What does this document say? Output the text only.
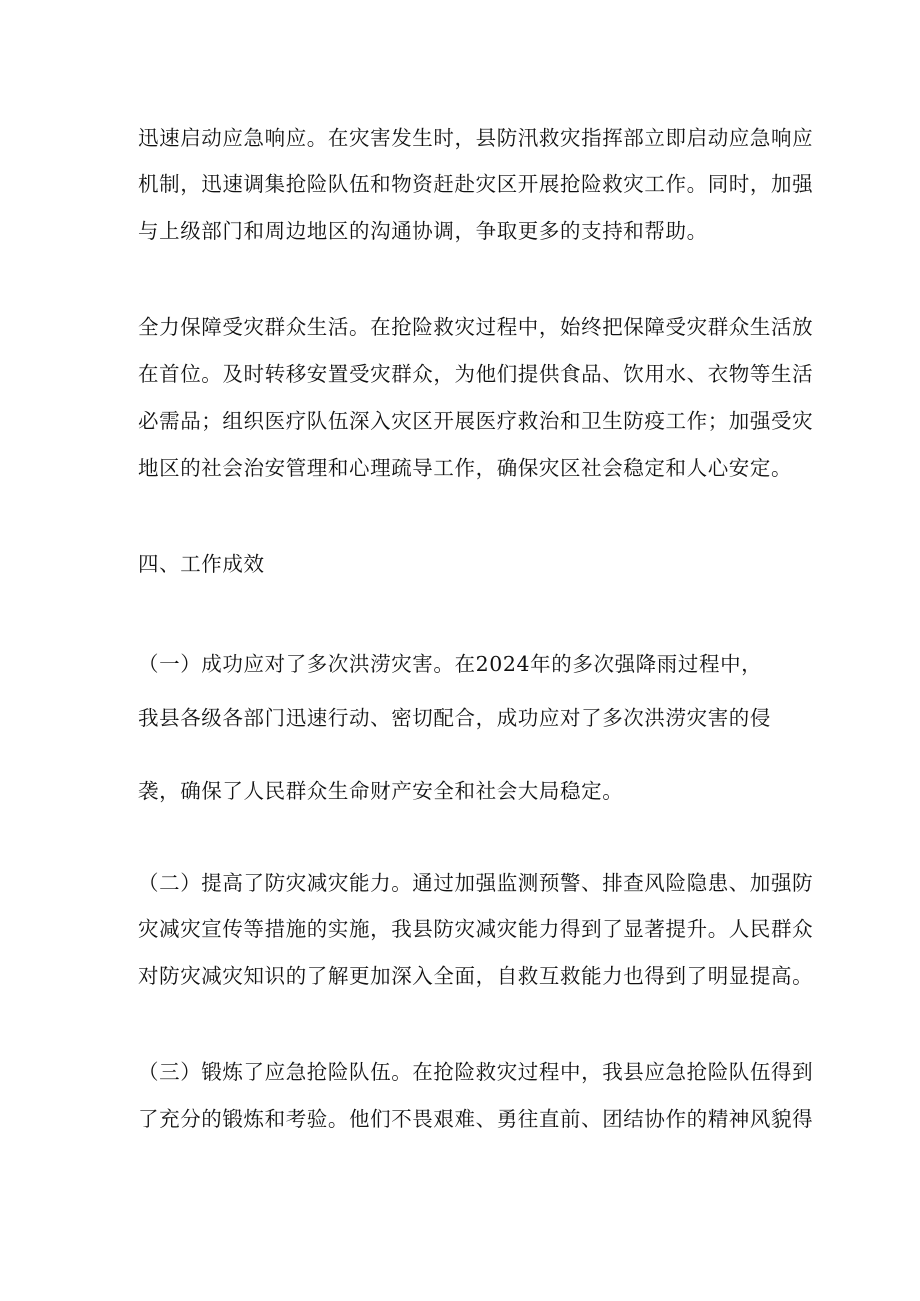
迅速启动应急响应。在灾害发生时，县防汛救灾指挥部立即启动应急响应
机制，迅速调集抢险队伍和物资赶赴灾区开展抢险救灾工作。同时，加强
与上级部门和周边地区的沟通协调，争取更多的支持和帮助。
全力保障受灾群众生活。在抢险救灾过程中，始终把保障受灾群众生活放
在首位。及时转移安置受灾群众，为他们提供食品、饮用水、衣物等生活
必需品；组织医疗队伍深入灾区开展医疗救治和卫生防疫工作；加强受灾
地区的社会治安管理和心理疏导工作，确保灾区社会稳定和人心安定。
四、工作成效
（一）成功应对了多次洪涝灾害。在2024年的多次强降雨过程中，
我县各级各部门迅速行动、密切配合，成功应对了多次洪涝灾害的侵
袭，确保了人民群众生命财产安全和社会大局稳定。
（二）提高了防灾减灾能力。通过加强监测预警、排查风险隐患、加强防
灾减灾宣传等措施的实施，我县防灾减灾能力得到了显著提升。人民群众
对防灾减灾知识的了解更加深入全面，自救互救能力也得到了明显提高。
（三）锻炼了应急抢险队伍。在抢险救灾过程中，我县应急抢险队伍得到
了充分的锻炼和考验。他们不畏艰难、勇往直前、团结协作的精神风貌得
